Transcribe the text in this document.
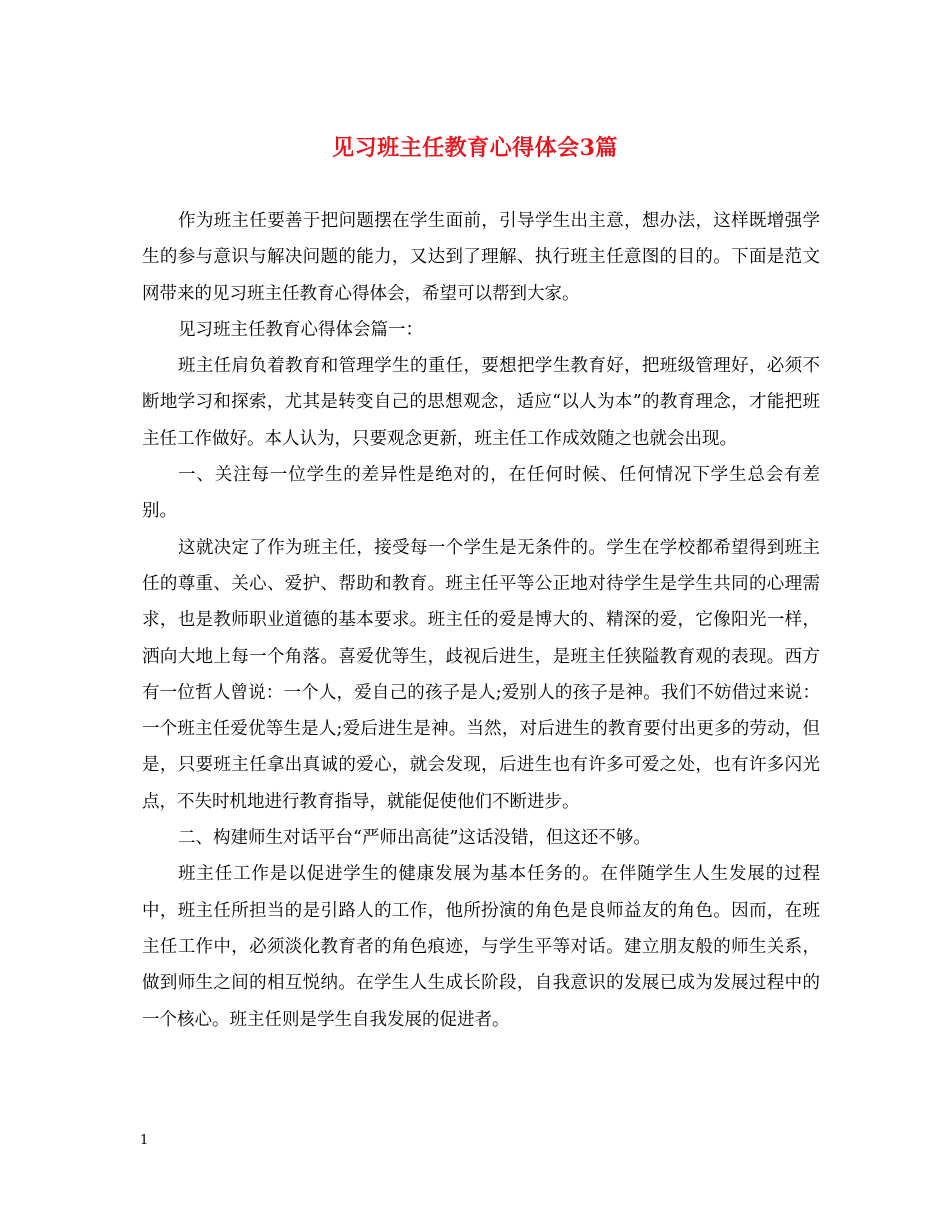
见习班主任教育心得体会3篇

作为班主任要善于把问题摆在学生面前，引导学生出主意，想办法，这样既增强学生的参与意识与解决问题的能力，又达到了理解、执行班主任意图的目的。下面是范文网带来的见习班主任教育心得体会，希望可以帮到大家。

见习班主任教育心得体会篇一：

班主任肩负着教育和管理学生的重任，要想把学生教育好，把班级管理好，必须不断地学习和探索，尤其是转变自己的思想观念，适应“以人为本”的教育理念，才能把班主任工作做好。本人认为，只要观念更新，班主任工作成效随之也就会出现。

一、关注每一位学生的差异性是绝对的，在任何时候、任何情况下学生总会有差别。

这就决定了作为班主任，接受每一个学生是无条件的。学生在学校都希望得到班主任的尊重、关心、爱护、帮助和教育。班主任平等公正地对待学生是学生共同的心理需求，也是教师职业道德的基本要求。班主任的爱是博大的、精深的爱，它像阳光一样，洒向大地上每一个角落。喜爱优等生，歧视后进生，是班主任狭隘教育观的表现。西方有一位哲人曾说：一个人，爱自己的孩子是人;爱别人的孩子是神。我们不妨借过来说：一个班主任爱优等生是人;爱后进生是神。当然，对后进生的教育要付出更多的劳动，但是，只要班主任拿出真诚的爱心，就会发现，后进生也有许多可爱之处，也有许多闪光点，不失时机地进行教育指导，就能促使他们不断进步。

二、构建师生对话平台“严师出高徒”这话没错，但这还不够。

班主任工作是以促进学生的健康发展为基本任务的。在伴随学生人生发展的过程中，班主任所担当的是引路人的工作，他所扮演的角色是良师益友的角色。因而，在班主任工作中，必须淡化教育者的角色痕迹，与学生平等对话。建立朋友般的师生关系，做到师生之间的相互悦纳。在学生人生成长阶段，自我意识的发展已成为发展过程中的一个核心。班主任则是学生自我发展的促进者。

1
